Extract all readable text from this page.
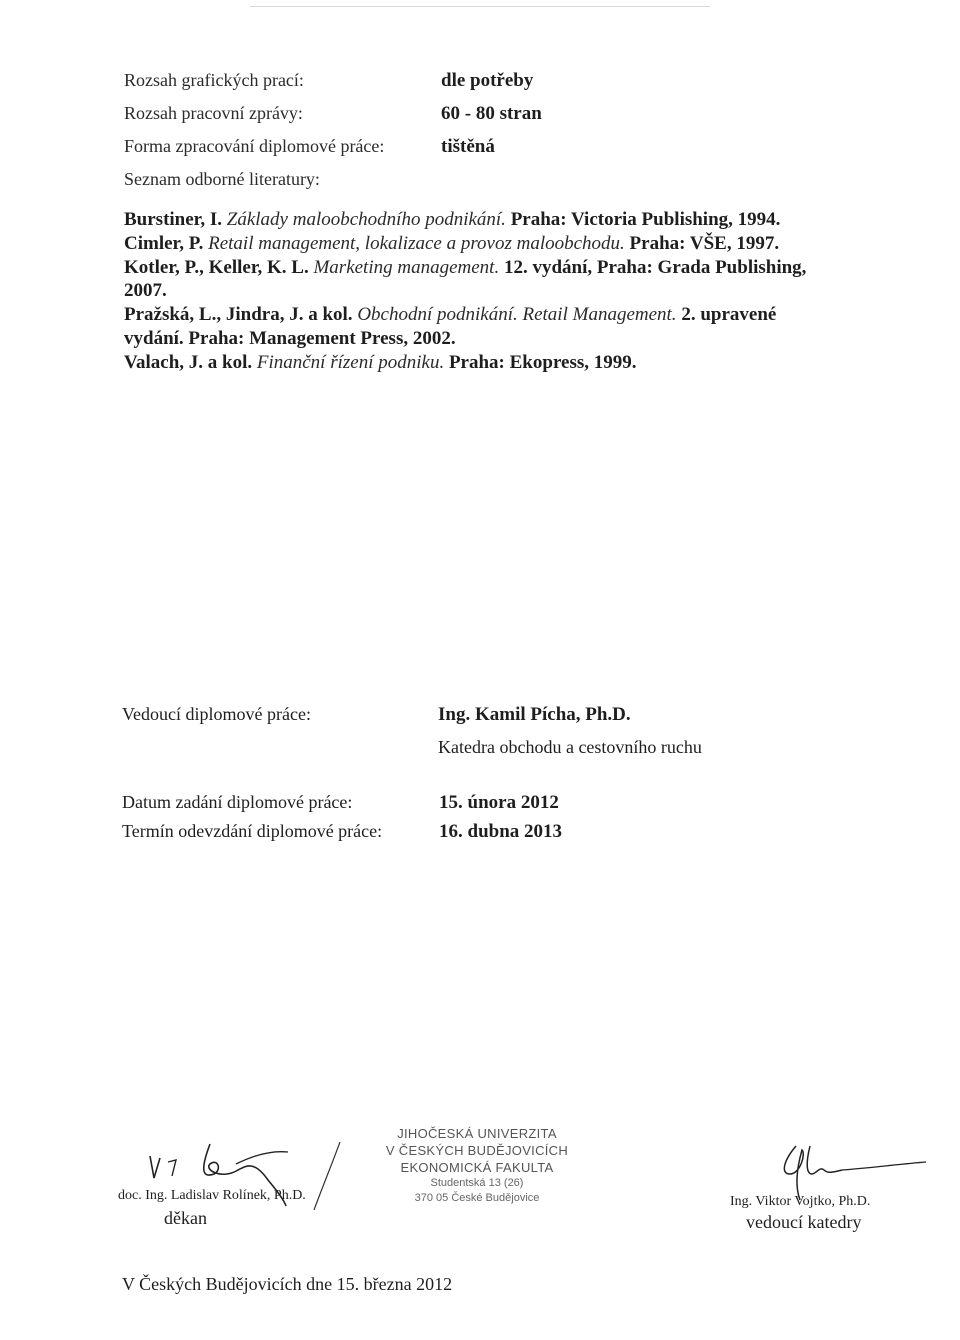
Rozsah grafických prací:	dle potřeby
Rozsah pracovní zprávy:	60 - 80 stran
Forma zpracování diplomové práce:	tištěná
Seznam odborné literatury:

Burstiner, I. Základy maloobchodního podnikání. Praha: Victoria Publishing, 1994.

Cimler, P. Retail management, lokalizace a provoz maloobchodu. Praha: VŠE, 1997.

Kotler, P., Keller, K. L. Marketing management. 12. vydání, Praha: Grada Publishing, 2007.

Pražská, L., Jindra, J. a kol. Obchodní podnikání. Retail Management. 2. upravené vydání. Praha: Management Press, 2002.

Valach, J. a kol. Finanční řízení podniku. Praha: Ekopress, 1999.

Vedoucí diplomové práce:	Ing. Kamil Pícha, Ph.D.
Katedra obchodu a cestovního ruchu
Datum zadání diplomové práce:	15. února 2012
Termín odevzdání diplomové práce:	16. dubna 2013
doc. Ing. Ladislav Rolínek, Ph.D.
děkan
JIHOČESKÁ UNIVERZITA
V ČESKÝCH BUDĚJOVICÍCH
EKONOMICKÁ FAKULTA
Studentská 13 (26)
370 05 České Budějovice	Ing. Viktor Vojtko, Ph.D.
vedoucí katedry
V Českých Budějovicích dne 15. března 2012
